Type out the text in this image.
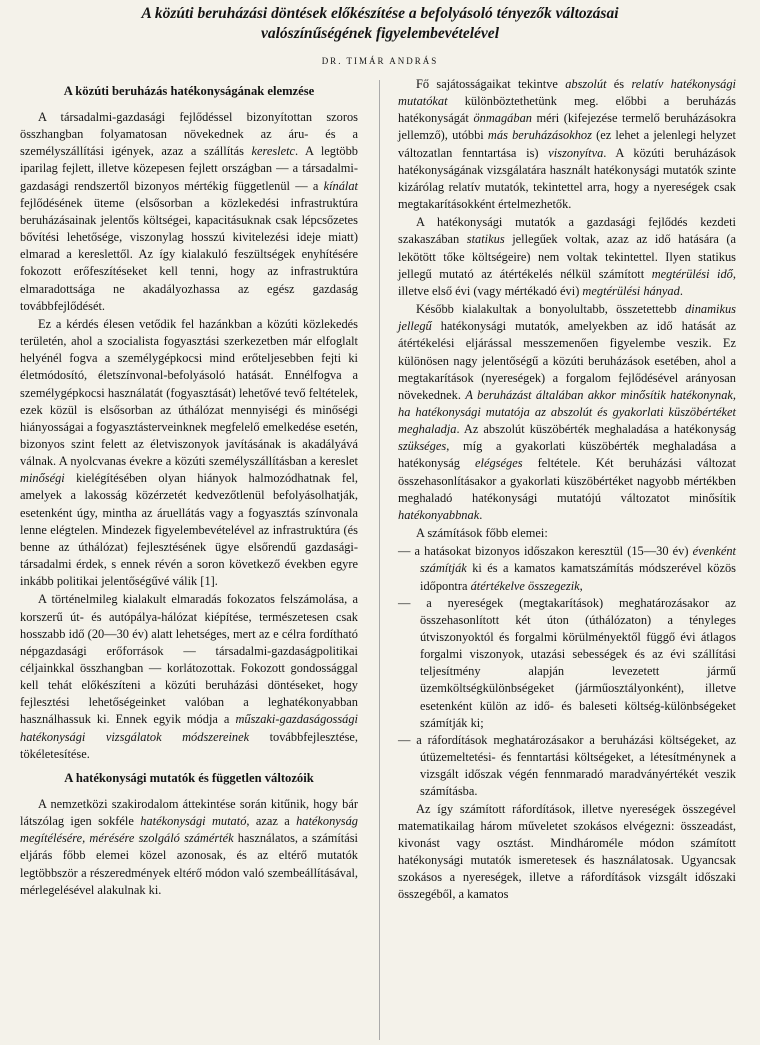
A közúti beruházási döntések előkészítése a befolyásoló tényezők változásai
valószínűségének figyelembevételével
DR. TIMÁR ANDRÁS
A közúti beruházás hatékonyságának elemzése

A társadalmi-gazdasági fejlődéssel bizonyítottan szoros összhangban folyamatosan növekednek az áru- és a személyszállítási igények, azaz a szállítás keresletc. A legtöbb iparilag fejlett, illetve közepesen fejlett országban — a társadalmi-gazdasági rendszertől bizonyos mértékig függetlenül — a kínálat fejlődésének üteme (elsősorban a közlekedési infrastruktúra beruházásainak jelentős költségei, kapacitásuknak csak lépcsőzetes bővítési lehetősége, viszonylag hosszú kivitelezési ideje miatt) elmarad a kereslettől. Az így kialakuló feszültségek enyhítésére fokozott erőfeszítéseket kell tenni, hogy az infrastruktúra elmaradottsága ne akadályozhassa az egész gazdaság továbbfejlődését.

Ez a kérdés élesen vetődik fel hazánkban a közúti közlekedés területén, ahol a szocialista fogyasztási szerkezetben már elfoglalt helyénél fogva a személygépkocsi mind erőteljesebben fejti ki életmódosító, életszínvonal-befolyásoló hatását. Ennélfogva a személygépkocsi használatát (fogyasztását) lehetővé tevő feltételek, ezek közül is elsősorban az úthálózat mennyiségi és minőségi hiányosságai a fogyasztásterveinknek megfelelő emelkedése esetén, bizonyos szint felett az életviszonyok javításának is akadályává válnak. A nyolcvanas évekre a közúti személyszállításban a kereslet minőségi kielégítésében olyan hiányok halmozódhatnak fel, amelyek a lakosság közérzetét kedvezőtlenül befolyásolhatják, esetenként úgy, mintha az áruellátás vagy a fogyasztás színvonala lenne elégtelen. Mindezek figyelembevételével az infrastruktúra (és benne az úthálózat) fejlesztésének ügye elsőrendű gazdasági-társadalmi érdek, s ennek révén a soron következő években egyre inkább politikai jelentőségűvé válik [1].

A történelmileg kialakult elmaradás fokozatos felszámolása, a korszerű út- és autópálya-hálózat kiépítése, természetesen csak hosszabb idő (20—30 év) alatt lehetséges, mert az e célra fordítható népgazdasági erőforrások — társadalmi-gazdaságpolitikai céljainkkal összhangban — korlátozottak. Fokozott gondossággal kell tehát előkészíteni a közúti beruházási döntéseket, hogy fejlesztési lehetőségeinket valóban a leghatékonyabban használhassuk ki. Ennek egyik módja a műszaki-gazdaságossági hatékonysági vizsgálatok módszereinek továbbfejlesztése, tökéletesítése.

A hatékonysági mutatók és független változóik

A nemzetközi szakirodalom áttekintése során kitűnik, hogy bár látszólag igen sokféle hatékonysági mutató, azaz a hatékonyság megítélésére, mérésére szolgáló számérték használatos, a számítási eljárás főbb elemei közel azonosak, és az eltérő mutatók legtöbbször a részeredmények eltérő módon való szembeállításával, mérlegelésével alakulnak ki.

Fő sajátosságaikat tekintve abszolút és relatív hatékonysági mutatókat különböztethetünk meg. előbbi a beruházás hatékonyságát önmagában méri (kifejezése termelő beruházásokra jellemző), utóbbi más beruházásokhoz (ez lehet a jelenlegi helyzet változatlan fenntartása is) viszonyítva. A közúti beruházások hatékonyságának vizsgálatára használt hatékonysági mutatók szinte kizárólag relatív mutatók, tekintettel arra, hogy a nyereségek csak megtakarításokként értelmezhetők.

A hatékonysági mutatók a gazdasági fejlődés kezdeti szakaszában statikus jellegűek voltak, azaz az idő hatására (a lekötött tőke költségeire) nem voltak tekintettel. Ilyen statikus jellegű mutató az átértékelés nélkül számított megtérülési idő, illetve első évi (vagy mértékadó évi) megtérülési hányad.

Később kialakultak a bonyolultabb, összetettebb dinamikus jellegű hatékonysági mutatók, amelyekben az idő hatását az átértékelési eljárással messzemenően figyelembe veszik. Ez különösen nagy jelentőségű a közúti beruházások esetében, ahol a megtakarítások (nyereségek) a forgalom fejlődésével arányosan növekednek. A beruházást általában akkor minősítik hatékonynak, ha hatékonysági mutatója az abszolút és gyakorlati küszöbértéket meghaladja. Az abszolút küszöbérték meghaladása a hatékonyság szükséges, míg a gyakorlati küszöbérték meghaladása a hatékonyság elégséges feltétele. Két beruházási változat összehasonlításakor a gyakorlati küszöbértéket nagyobb mértékben meghaladó hatékonysági mutatójú változatot minősítik hatékonyabbnak.

A számítások főbb elemei:

— a hatásokat bizonyos időszakon keresztül (15—30 év) évenként számítják ki és a kamatos kamatszámítás módszerével közös időpontra átértékelve összegezik,
— a nyereségek (megtakarítások) meghatározásakor az összehasonlított két úton (úthálózaton) a tényleges útviszonyoktól és forgalmi körülményektől függő évi átlagos forgalmi viszonyok, utazási sebességek és az évi szállítási teljesítmény alapján levezetett jármű üzemköltségkülönbségeket (járműosztályonként), illetve esetenként külön az idő- és baleseti költség-különbségeket számítják ki;
— a ráfordítások meghatározásakor a beruházási költségeket, az útüzemeltetési- és fenntartási költségeket, a létesítménynek a vizsgált időszak végén fennmaradó maradványértékét veszik számításba.

Az így számított ráfordítások, illetve nyereségek összegével matematikailag három műveletet szokásos elvégezni: összeadást, kivonást vagy osztást. Mindhároméle módon számított hatékonysági mutatók ismeretesek és használatosak. Ugyancsak szokásos a nyereségek, illetve a ráfordítások vizsgált időszaki összegéből, a kamatos
